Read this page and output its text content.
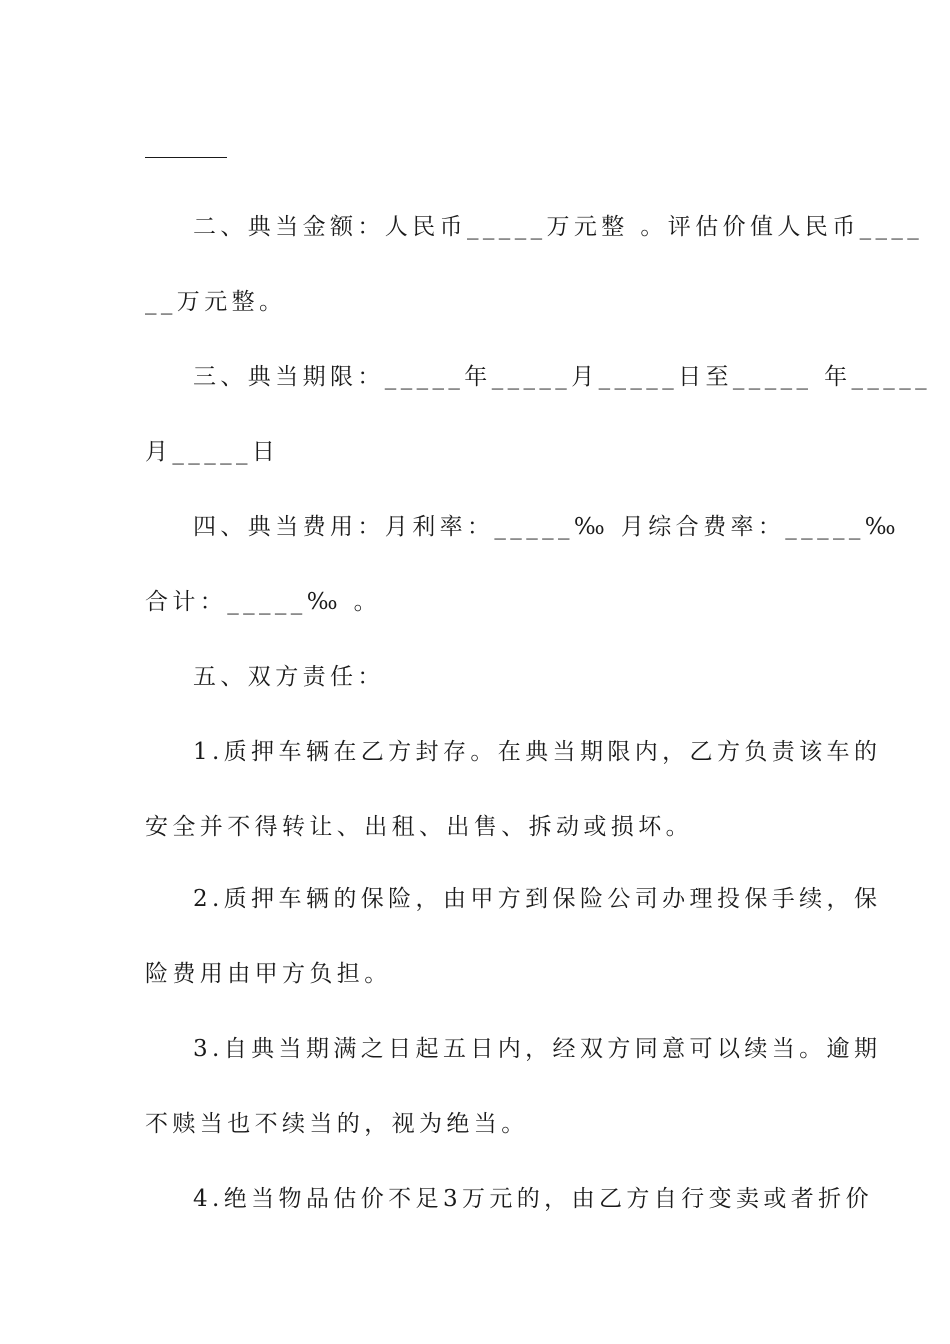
二、典当金额：人民币_____万元整 。评估价值人民币____
__万元整。
三、典当期限：_____年_____月_____日至_____ 年_____
月_____日
四、典当费用：月利率：_____‰ 月综合费率：_____‰
合计：_____‰ 。
五、双方责任：
1.质押车辆在乙方封存。在典当期限内，乙方负责该车的
安全并不得转让、出租、出售、拆动或损坏。
2.质押车辆的保险，由甲方到保险公司办理投保手续，保
险费用由甲方负担。
3.自典当期满之日起五日内，经双方同意可以续当。逾期
不赎当也不续当的，视为绝当。
4.绝当物品估价不足3万元的，由乙方自行变卖或者折价
